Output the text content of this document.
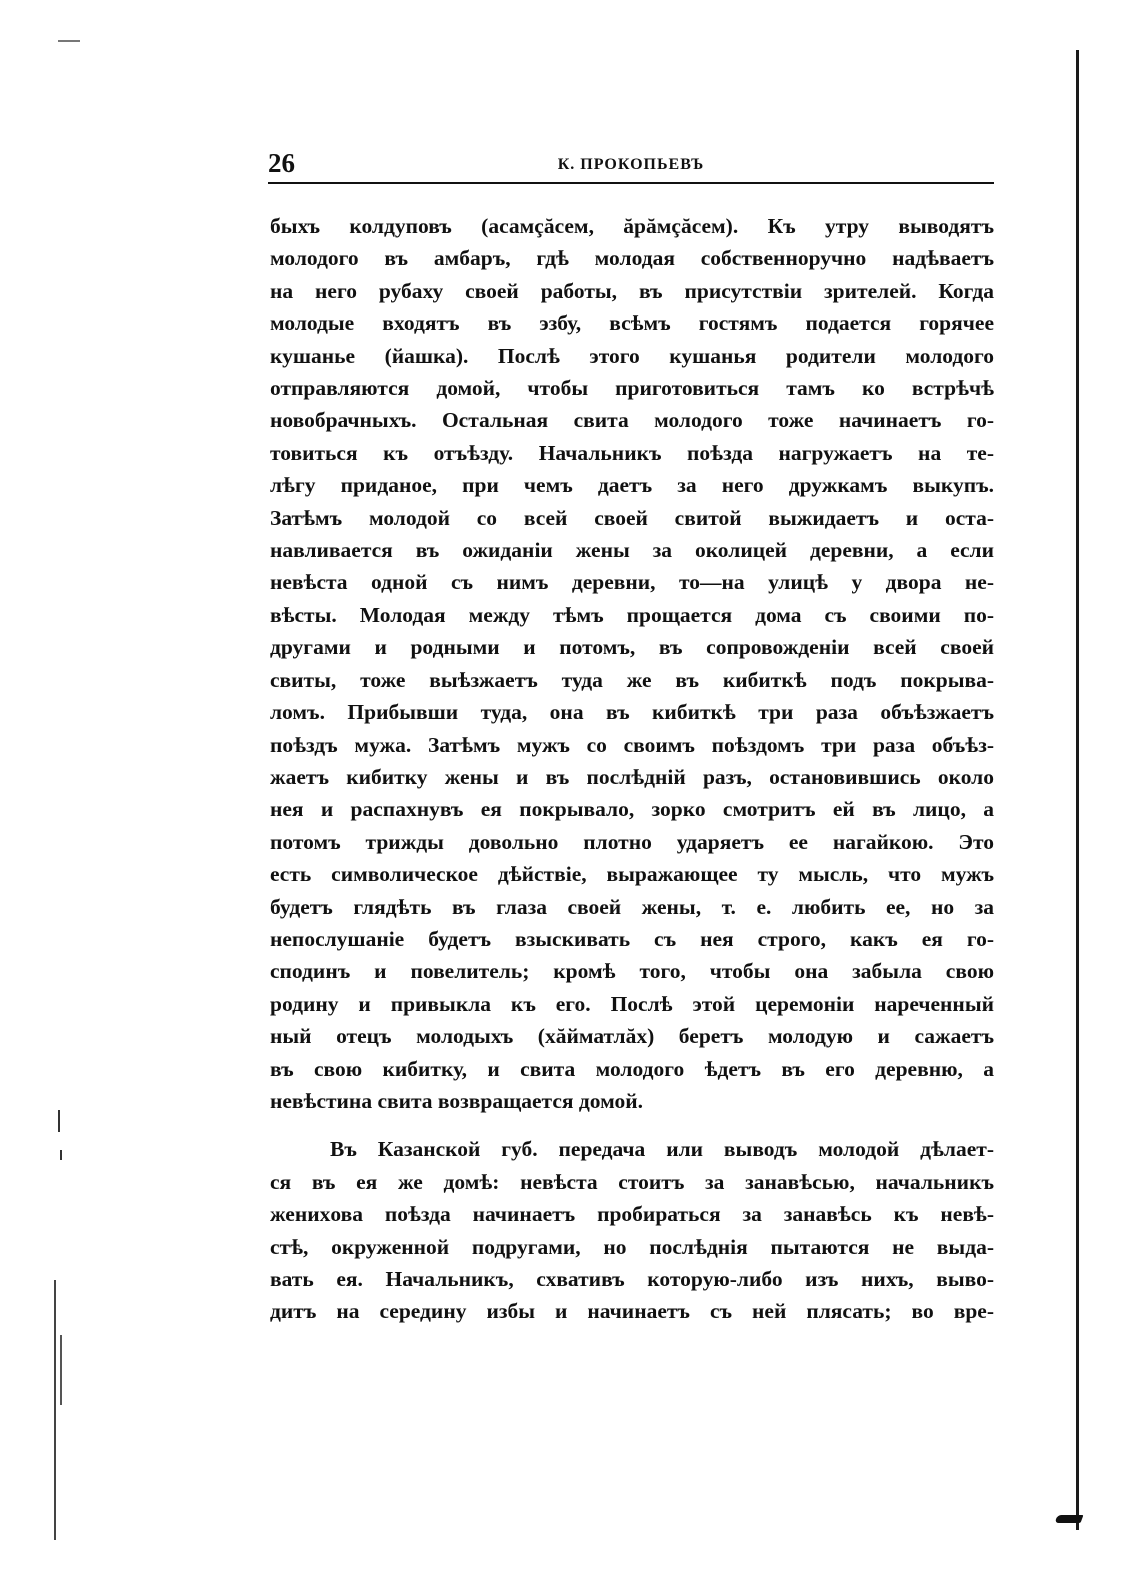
26	К. ПРОКОПЬЕВЪ
быхъ колдуповъ (асамçăсем, ăрăмçăсем). Къ утру выводятъ
молодого въ амбаръ, гдѣ молодая собственноручно надѣваетъ
на него рубаху своей работы, въ присутствiи зрителей. Когда
молодые входятъ въ эзбу, всѣмъ гостямъ подается горячее
кушанье (йашка). Послѣ этого кушанья родители молодого
отправляются домой, чтобы приготовиться тамъ ко встрѣчѣ
новобрачныхъ. Остальная свита молодого тоже начинаетъ го-
товиться къ отъѣзду. Начальникъ поѣзда нагружаетъ на те-
лѣгу приданое, при чемъ даетъ за него дружкамъ выкупъ.
Затѣмъ молодой со всей своей свитой выжидаетъ и оста-
навливается въ ожиданiи жены за околицей деревни, а если
невѣста одной съ нимъ деревни, то—на улицѣ у двора не-
вѣсты. Молодая между тѣмъ прощается дома съ своими по-
другами и родными и потомъ, въ сопровожденiи всей своей
свиты, тоже выѣзжаетъ туда же въ кибиткѣ подъ покрыва-
ломъ. Прибывши туда, она въ кибиткѣ три раза объѣзжаетъ
поѣздъ мужа. Затѣмъ мужъ со своимъ поѣздомъ три раза объѣз-
жаетъ кибитку жены и въ послѣднiй разъ, остановившись около
нея и распахнувъ ея покрывало, зорко смотритъ ей въ лицо, а
потомъ трижды довольно плотно ударяетъ ее нагайкою. Это
есть символическое дѣйствiе, выражающее ту мысль, что мужъ
будетъ глядѣть въ глаза своей жены, т. е. любить ее, но за
непослушанiе будетъ взыскивать съ нея строго, какъ ея го-
сподинъ и повелитель; кромѣ того, чтобы она забыла свою
родину и привыкла къ его. Послѣ этой церемонiи нареченный
ный отецъ молодыхъ (хăйматлăх) беретъ молодую и сажаетъ
въ свою кибитку, и свита молодого ѣдетъ въ его деревню, а
невѣстина свита возвращается домой.
Въ Казанской губ. передача или выводъ молодой дѣлает-
ся въ ея же домѣ: невѣста стоитъ за занавѣсью, начальникъ
жениxова поѣзда начинаетъ пробираться за занавѣсь къ невѣ-
стѣ, окруженной подругами, но послѣднiя пытаются не выда-
вать ея. Начальникъ, схвативъ которую-либо изъ нихъ, выво-
дитъ на середину избы и начинаетъ съ ней плясать; во вре-
